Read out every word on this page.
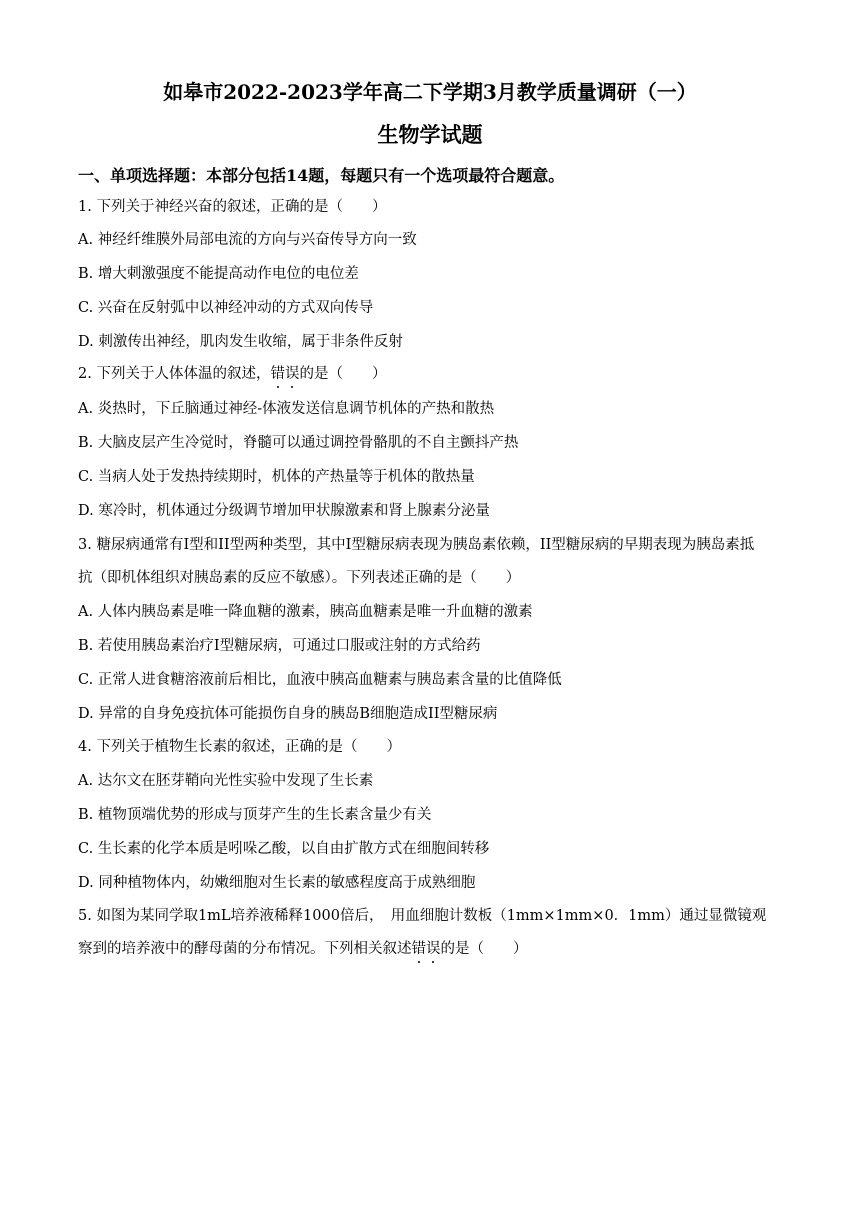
如皋市2022-2023学年高二下学期3月教学质量调研（一）
生物学试题
一、单项选择题：本部分包括14题，每题只有一个选项最符合题意。
1. 下列关于神经兴奋的叙述，正确的是（　　）
A. 神经纤维膜外局部电流的方向与兴奋传导方向一致
B. 增大刺激强度不能提高动作电位的电位差
C. 兴奋在反射弧中以神经冲动的方式双向传导
D. 刺激传出神经，肌肉发生收缩，属于非条件反射
2. 下列关于人体体温的叙述，错误的是（　　）
A. 炎热时，下丘脑通过神经-体液发送信息调节机体的产热和散热
B. 大脑皮层产生冷觉时，脊髓可以通过调控骨骼肌的不自主颤抖产热
C. 当病人处于发热持续期时，机体的产热量等于机体的散热量
D. 寒冷时，机体通过分级调节增加甲状腺激素和肾上腺素分泌量
3. 糖尿病通常有I型和II型两种类型，其中I型糖尿病表现为胰岛素依赖，II型糖尿病的早期表现为胰岛素抵
抗（即机体组织对胰岛素的反应不敏感）。下列表述正确的是（　　）
A. 人体内胰岛素是唯一降血糖的激素，胰高血糖素是唯一升血糖的激素
B. 若使用胰岛素治疗I型糖尿病，可通过口服或注射的方式给药
C. 正常人进食糖溶液前后相比，血液中胰高血糖素与胰岛素含量的比值降低
D. 异常的自身免疫抗体可能损伤自身的胰岛B细胞造成II型糖尿病
4. 下列关于植物生长素的叙述，正确的是（　　）
A. 达尔文在胚芽鞘向光性实验中发现了生长素
B. 植物顶端优势的形成与顶芽产生的生长素含量少有关
C. 生长素的化学本质是吲哚乙酸，以自由扩散方式在细胞间转移
D. 同种植物体内，幼嫩细胞对生长素的敏感程度高于成熟细胞
5. 如图为某同学取1mL培养液稀释1000倍后，　用血细胞计数板（1mm×1mm×0．1mm）通过显微镜观
察到的培养液中的酵母菌的分布情况。下列相关叙述错误的是（　　）
